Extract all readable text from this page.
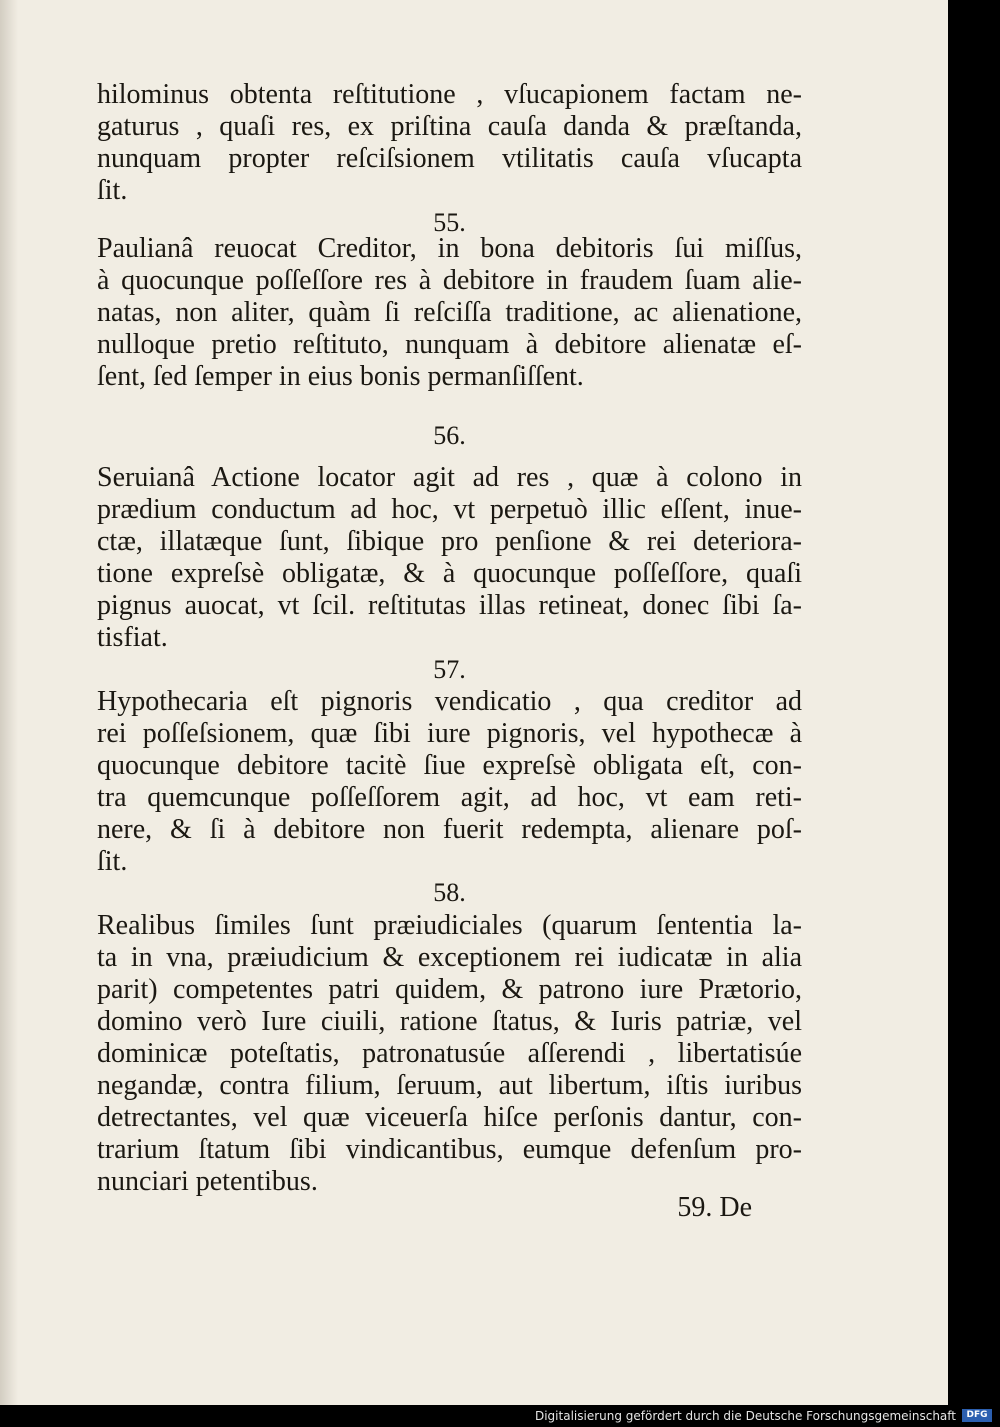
hilominus obtenta reſtitutione , vſucapionem factam ne-
gaturus , quaſi res, ex priſtina cauſa danda & præſtanda,
nunquam propter reſciſsionem vtilitatis cauſa vſucapta
ſit.
55.
Paulianâ reuocat Creditor, in bona debitoris ſui miſſus,
à quocunque poſſeſſore res à debitore in fraudem ſuam alie-
natas, non aliter, quàm ſi reſciſſa traditione, ac alienatione,
nulloque pretio reſtituto, nunquam à debitore alienatæ eſ-
ſent, ſed ſemper in eius bonis permanſiſſent.
56.
Seruianâ Actione locator agit ad res , quæ à colono in
prædium conductum ad hoc, vt perpetuò illic eſſent, inue-
ctæ, illatæque ſunt, ſibique pro penſione & rei deteriora-
tione expreſsè obligatæ, & à quocunque poſſeſſore, quaſi
pignus auocat, vt ſcil. reſtitutas illas retineat, donec ſibi ſa-
tisfiat.
57.
Hypothecaria eſt pignoris vendicatio , qua creditor ad
rei poſſeſsionem, quæ ſibi iure pignoris, vel hypothecæ à
quocunque debitore tacitè ſiue expreſsè obligata eſt, con-
tra quemcunque poſſeſſorem agit, ad hoc, vt eam reti-
nere, & ſi à debitore non fuerit redempta, alienare poſ-
ſit.
58.
Realibus ſimiles ſunt præiudiciales (quarum ſententia la-
ta in vna, præiudicium & exceptionem rei iudicatæ in alia
parit) competentes patri quidem, & patrono iure Prætorio,
domino verò Iure ciuili, ratione ſtatus, & Iuris patriæ, vel
dominicæ poteſtatis, patronatusúe aſſerendi , libertatisúe
negandæ, contra filium, ſeruum, aut libertum, iſtis iuribus
detrectantes, vel quæ viceuerſa hiſce perſonis dantur, con-
trarium ſtatum ſibi vindicantibus, eumque defenſum pro-
nunciari petentibus.
59. De
Digitalisierung gefördert durch die Deutsche Forschungsgemeinschaft	DFG
